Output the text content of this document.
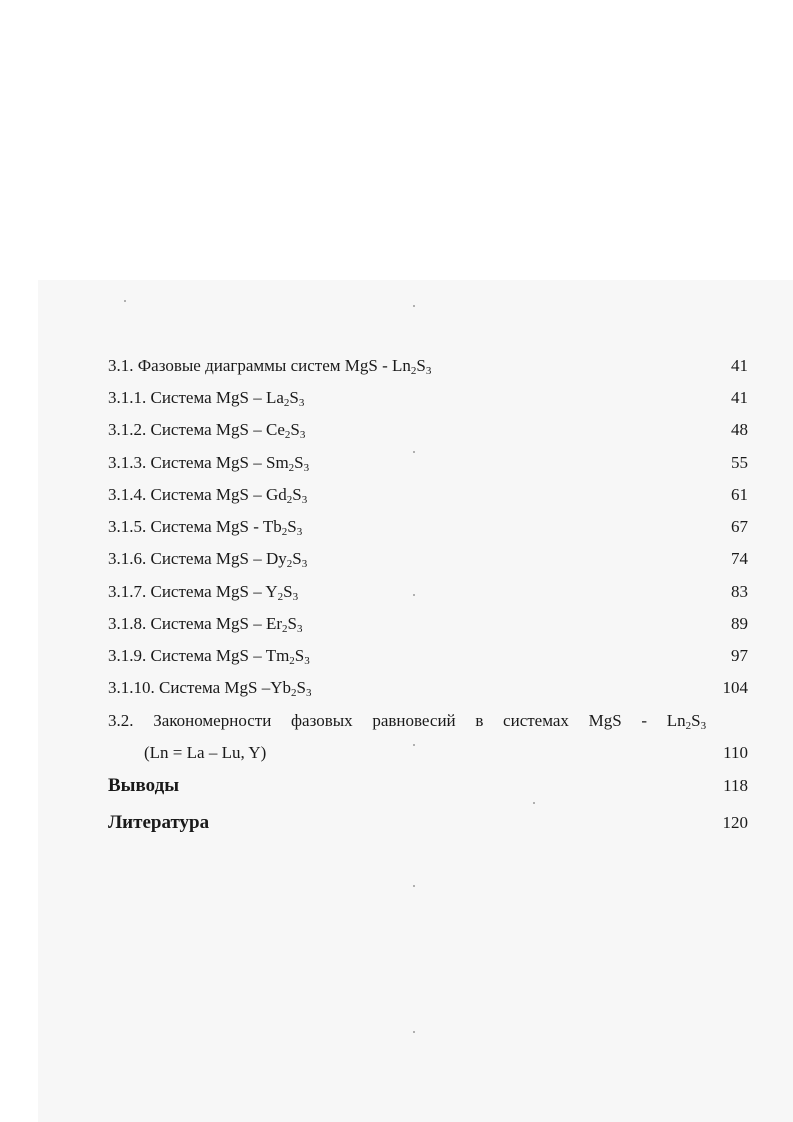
3.1. Фазовые диаграммы систем MgS - $Ln_2S_3$	41
3.1.1. Система MgS – $La_2S_3$	41
3.1.2. Система MgS – $Ce_2S_3$	48
3.1.3. Система MgS – $Sm_2S_3$	55
3.1.4. Система MgS – $Gd_2S_3$	61
3.1.5. Система MgS - $Tb_2S_3$	67
3.1.6. Система MgS – $Dy_2S_3$	74
3.1.7. Система MgS – $Y_2S_3$	83
3.1.8. Система MgS – $Er_2S_3$	89
3.1.9. Система MgS – $Tm_2S_3$	97
3.1.10. Система MgS $-Yb_2S_3$	104
3.2. Закономерности фазовых равновесий в системах MgS - $Ln_2S_3$
(Ln = La – Lu, Y)	110
Выводы	118
Литература	120
